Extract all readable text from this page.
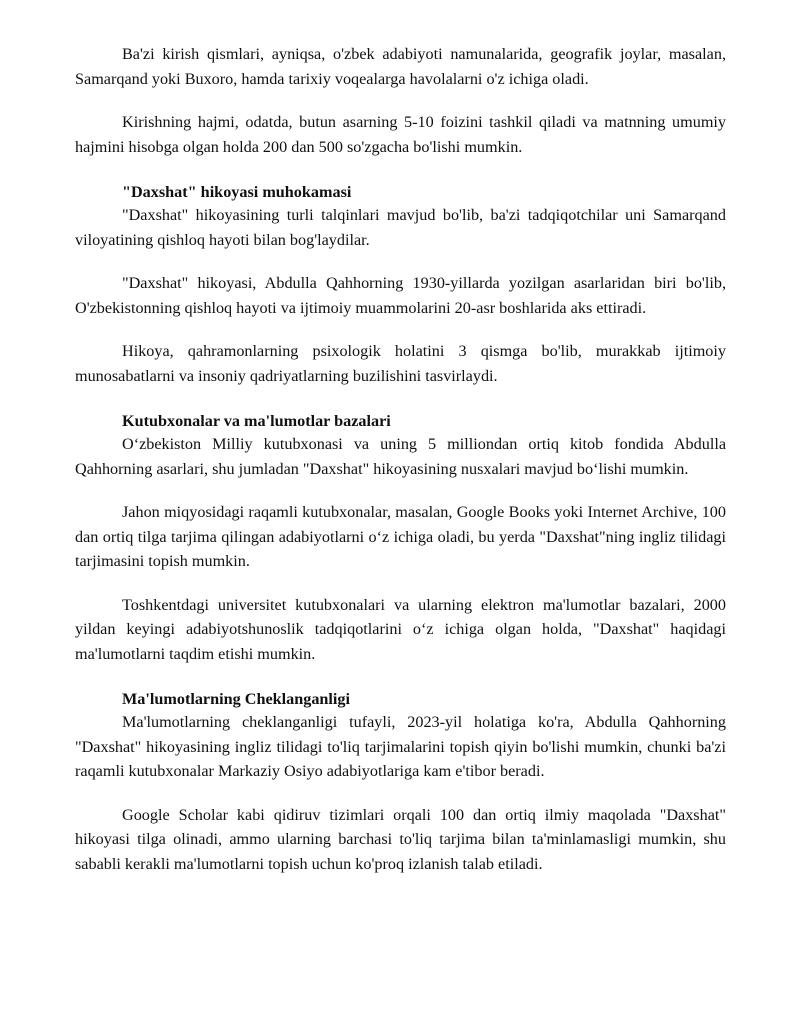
Ba'zi kirish qismlari, ayniqsa, o'zbek adabiyoti namunalarida, geografik joylar, masalan, Samarqand yoki Buxoro, hamda tarixiy voqealarga havolalarni o'z ichiga oladi.

Kirishning hajmi, odatda, butun asarning 5-10 foizini tashkil qiladi va matnning umumiy hajmini hisobga olgan holda 200 dan 500 so'zgacha bo'lishi mumkin.

"Daxshat" hikoyasi muhokamasi

"Daxshat" hikoyasining turli talqinlari mavjud bo'lib, ba'zi tadqiqotchilar uni Samarqand viloyatining qishloq hayoti bilan bog'laydilar.

"Daxshat" hikoyasi, Abdulla Qahhorning 1930-yillarda yozilgan asarlaridan biri bo'lib, O'zbekistonning qishloq hayoti va ijtimoiy muammolarini 20-asr boshlarida aks ettiradi.

Hikoya, qahramonlarning psixologik holatini 3 qismga bo'lib, murakkab ijtimoiy munosabatlarni va insoniy qadriyatlarning buzilishini tasvirlaydi.

Kutubxonalar va ma'lumotlar bazalari

O‘zbekiston Milliy kutubxonasi va uning 5 milliondan ortiq kitob fondida Abdulla Qahhorning asarlari, shu jumladan "Daxshat" hikoyasining nusxalari mavjud bo‘lishi mumkin.

Jahon miqyosidagi raqamli kutubxonalar, masalan, Google Books yoki Internet Archive, 100 dan ortiq tilga tarjima qilingan adabiyotlarni o‘z ichiga oladi, bu yerda "Daxshat"ning ingliz tilidagi tarjimasini topish mumkin.

Toshkentdagi universitet kutubxonalari va ularning elektron ma'lumotlar bazalari, 2000 yildan keyingi adabiyotshunoslik tadqiqotlarini o‘z ichiga olgan holda, "Daxshat" haqidagi ma'lumotlarni taqdim etishi mumkin.

Ma'lumotlarning Cheklanganligi

Ma'lumotlarning cheklanganligi tufayli, 2023-yil holatiga ko'ra, Abdulla Qahhorning "Daxshat" hikoyasining ingliz tilidagi to'liq tarjimalarini topish qiyin bo'lishi mumkin, chunki ba'zi raqamli kutubxonalar Markaziy Osiyo adabiyotlariga kam e'tibor beradi.

Google Scholar kabi qidiruv tizimlari orqali 100 dan ortiq ilmiy maqolada "Daxshat" hikoyasi tilga olinadi, ammo ularning barchasi to'liq tarjima bilan ta'minlamasligi mumkin, shu sababli kerakli ma'lumotlarni topish uchun ko'proq izlanish talab etiladi.
